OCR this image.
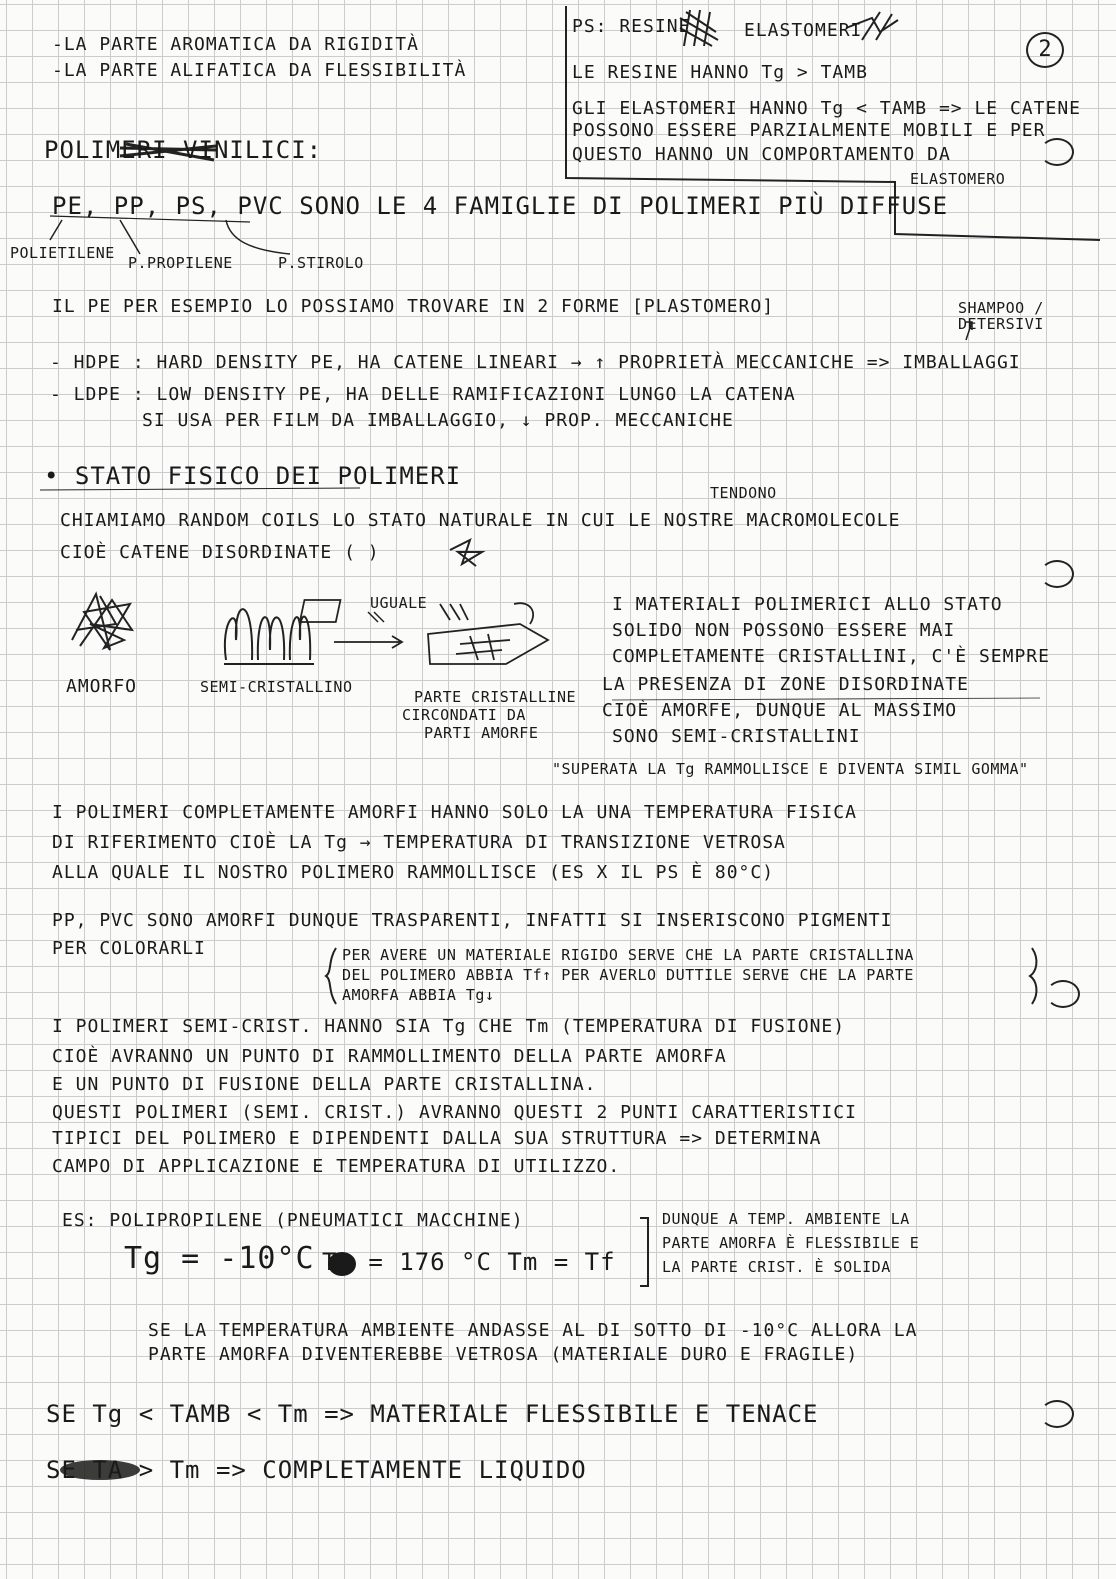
2
PS: RESINE	ELASTOMERI
LE RESINE HANNO Tg > TAMB
GLI ELASTOMERI HANNO Tg < TAMB => LE CATENE
POSSONO ESSERE PARZIALMENTE MOBILI E PER
QUESTO HANNO UN COMPORTAMENTO DA
ELASTOMERO
-LA PARTE AROMATICA DA RIGIDITÀ
-LA PARTE ALIFATICA DA FLESSIBILITÀ
POLIMERI VINILICI:
PE, PP, PS, PVC SONO LE 4 FAMIGLIE DI POLIMERI PIÙ DIFFUSE
POLIETILENE
P.PROPILENE	P.STIROLO
IL PE PER ESEMPIO LO POSSIAMO TROVARE IN 2 FORME [PLASTOMERO]	SHAMPOO / DETERSIVI
- HDPE : HARD DENSITY PE, HA CATENE LINEARI → ↑ PROPRIETÀ MECCANICHE => IMBALLAGGI
- LDPE : LOW DENSITY PE, HA DELLE RAMIFICAZIONI LUNGO LA CATENA
SI USA PER FILM DA IMBALLAGGIO, ↓ PROP. MECCANICHE
• STATO FISICO DEI POLIMERI
TENDONO
CHIAMIAMO RANDOM COILS LO STATO NATURALE IN CUI LE NOSTRE MACROMOLECOLE
CIOÈ CATENE DISORDINATE ( )
AMORFO	SEMI-CRISTALLINO
UGUALE
PARTE CRISTALLINE
CIRCONDATI DA
PARTI AMORFE
I MATERIALI POLIMERICI ALLO STATO
SOLIDO NON POSSONO ESSERE MAI
COMPLETAMENTE CRISTALLINI, C'È SEMPRE
LA PRESENZA DI ZONE DISORDINATE
CIOÈ AMORFE, DUNQUE AL MASSIMO
SONO SEMI-CRISTALLINI
"SUPERATA LA Tg RAMMOLLISCE E DIVENTA SIMIL GOMMA"
I POLIMERI COMPLETAMENTE AMORFI HANNO SOLO LA UNA TEMPERATURA FISICA
DI RIFERIMENTO CIOÈ LA Tg → TEMPERATURA DI TRANSIZIONE VETROSA
ALLA QUALE IL NOSTRO POLIMERO RAMMOLLISCE (ES X IL PS È 80°C)
PP, PVC SONO AMORFI DUNQUE TRASPARENTI, INFATTI SI INSERISCONO PIGMENTI
PER COLORARLI	PER AVERE UN MATERIALE RIGIDO SERVE CHE LA PARTE CRISTALLINA
DEL POLIMERO ABBIA Tf↑ PER AVERLO DUTTILE SERVE CHE LA PARTE
AMORFA ABBIA Tg↓
I POLIMERI SEMI-CRIST. HANNO SIA Tg CHE Tm (TEMPERATURA DI FUSIONE)
CIOÈ AVRANNO UN PUNTO DI RAMMOLLIMENTO DELLA PARTE AMORFA
E UN PUNTO DI FUSIONE DELLA PARTE CRISTALLINA.
QUESTI POLIMERI (SEMI. CRIST.) AVRANNO QUESTI 2 PUNTI CARATTERISTICI
TIPICI DEL POLIMERO E DIPENDENTI DALLA SUA STRUTTURA => DETERMINA
CAMPO DI APPLICAZIONE E TEMPERATURA DI UTILIZZO.
ES: POLIPROPILENE (PNEUMATICI MACCHINE)
Tg = -10°C Tm = 176 °C Tm = Tf
DUNQUE A TEMP. AMBIENTE LA
PARTE AMORFA È FLESSIBILE E
LA PARTE CRIST. È SOLIDA
SE LA TEMPERATURA AMBIENTE ANDASSE AL DI SOTTO DI -10°C ALLORA LA
PARTE AMORFA DIVENTEREBBE VETROSA (MATERIALE DURO E FRAGILE)
SE Tg < TAMB < Tm => MATERIALE FLESSIBILE E TENACE
SE TA > Tm => COMPLETAMENTE LIQUIDO
